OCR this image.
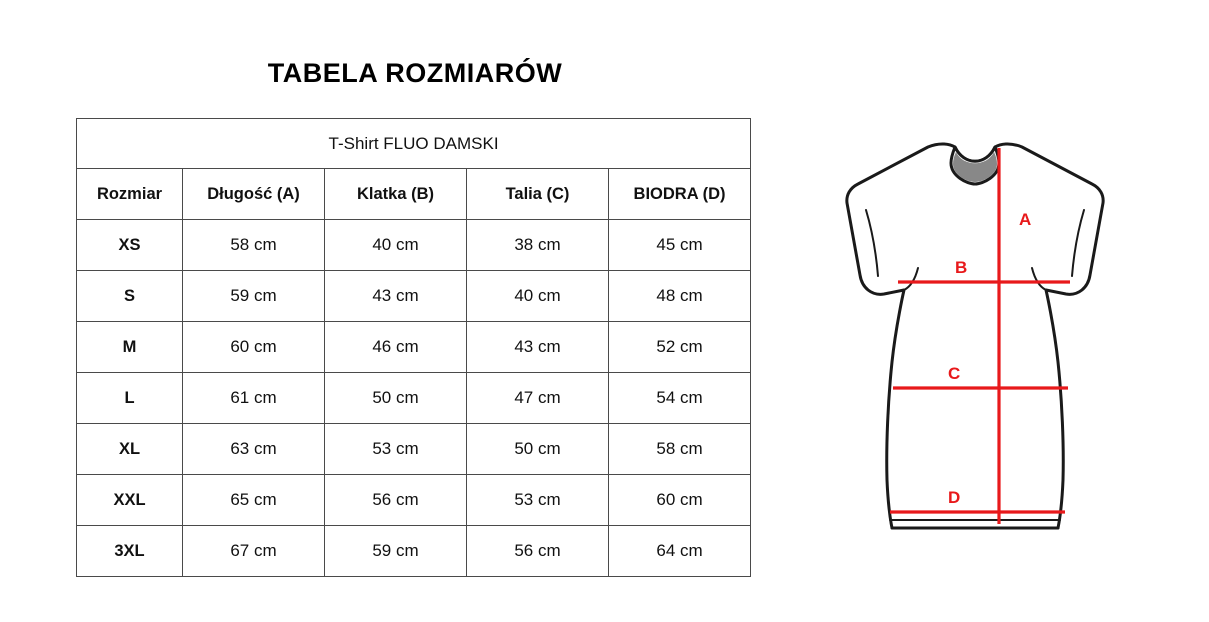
TABELA ROZMIARÓW
T-Shirt FLUO DAMSKI				
Rozmiar	Długość (A)	Klatka (B)	Talia (C)	BIODRA (D)
XS	58 cm	40 cm	38 cm	45 cm
S	59 cm	43 cm	40 cm	48 cm
M	60 cm	46 cm	43 cm	52 cm
L	61 cm	50 cm	47 cm	54 cm
XL	63 cm	53 cm	50 cm	58 cm
XXL	65 cm	56 cm	53 cm	60 cm
3XL	67 cm	59 cm	56 cm	64 cm
A
B
C
D
